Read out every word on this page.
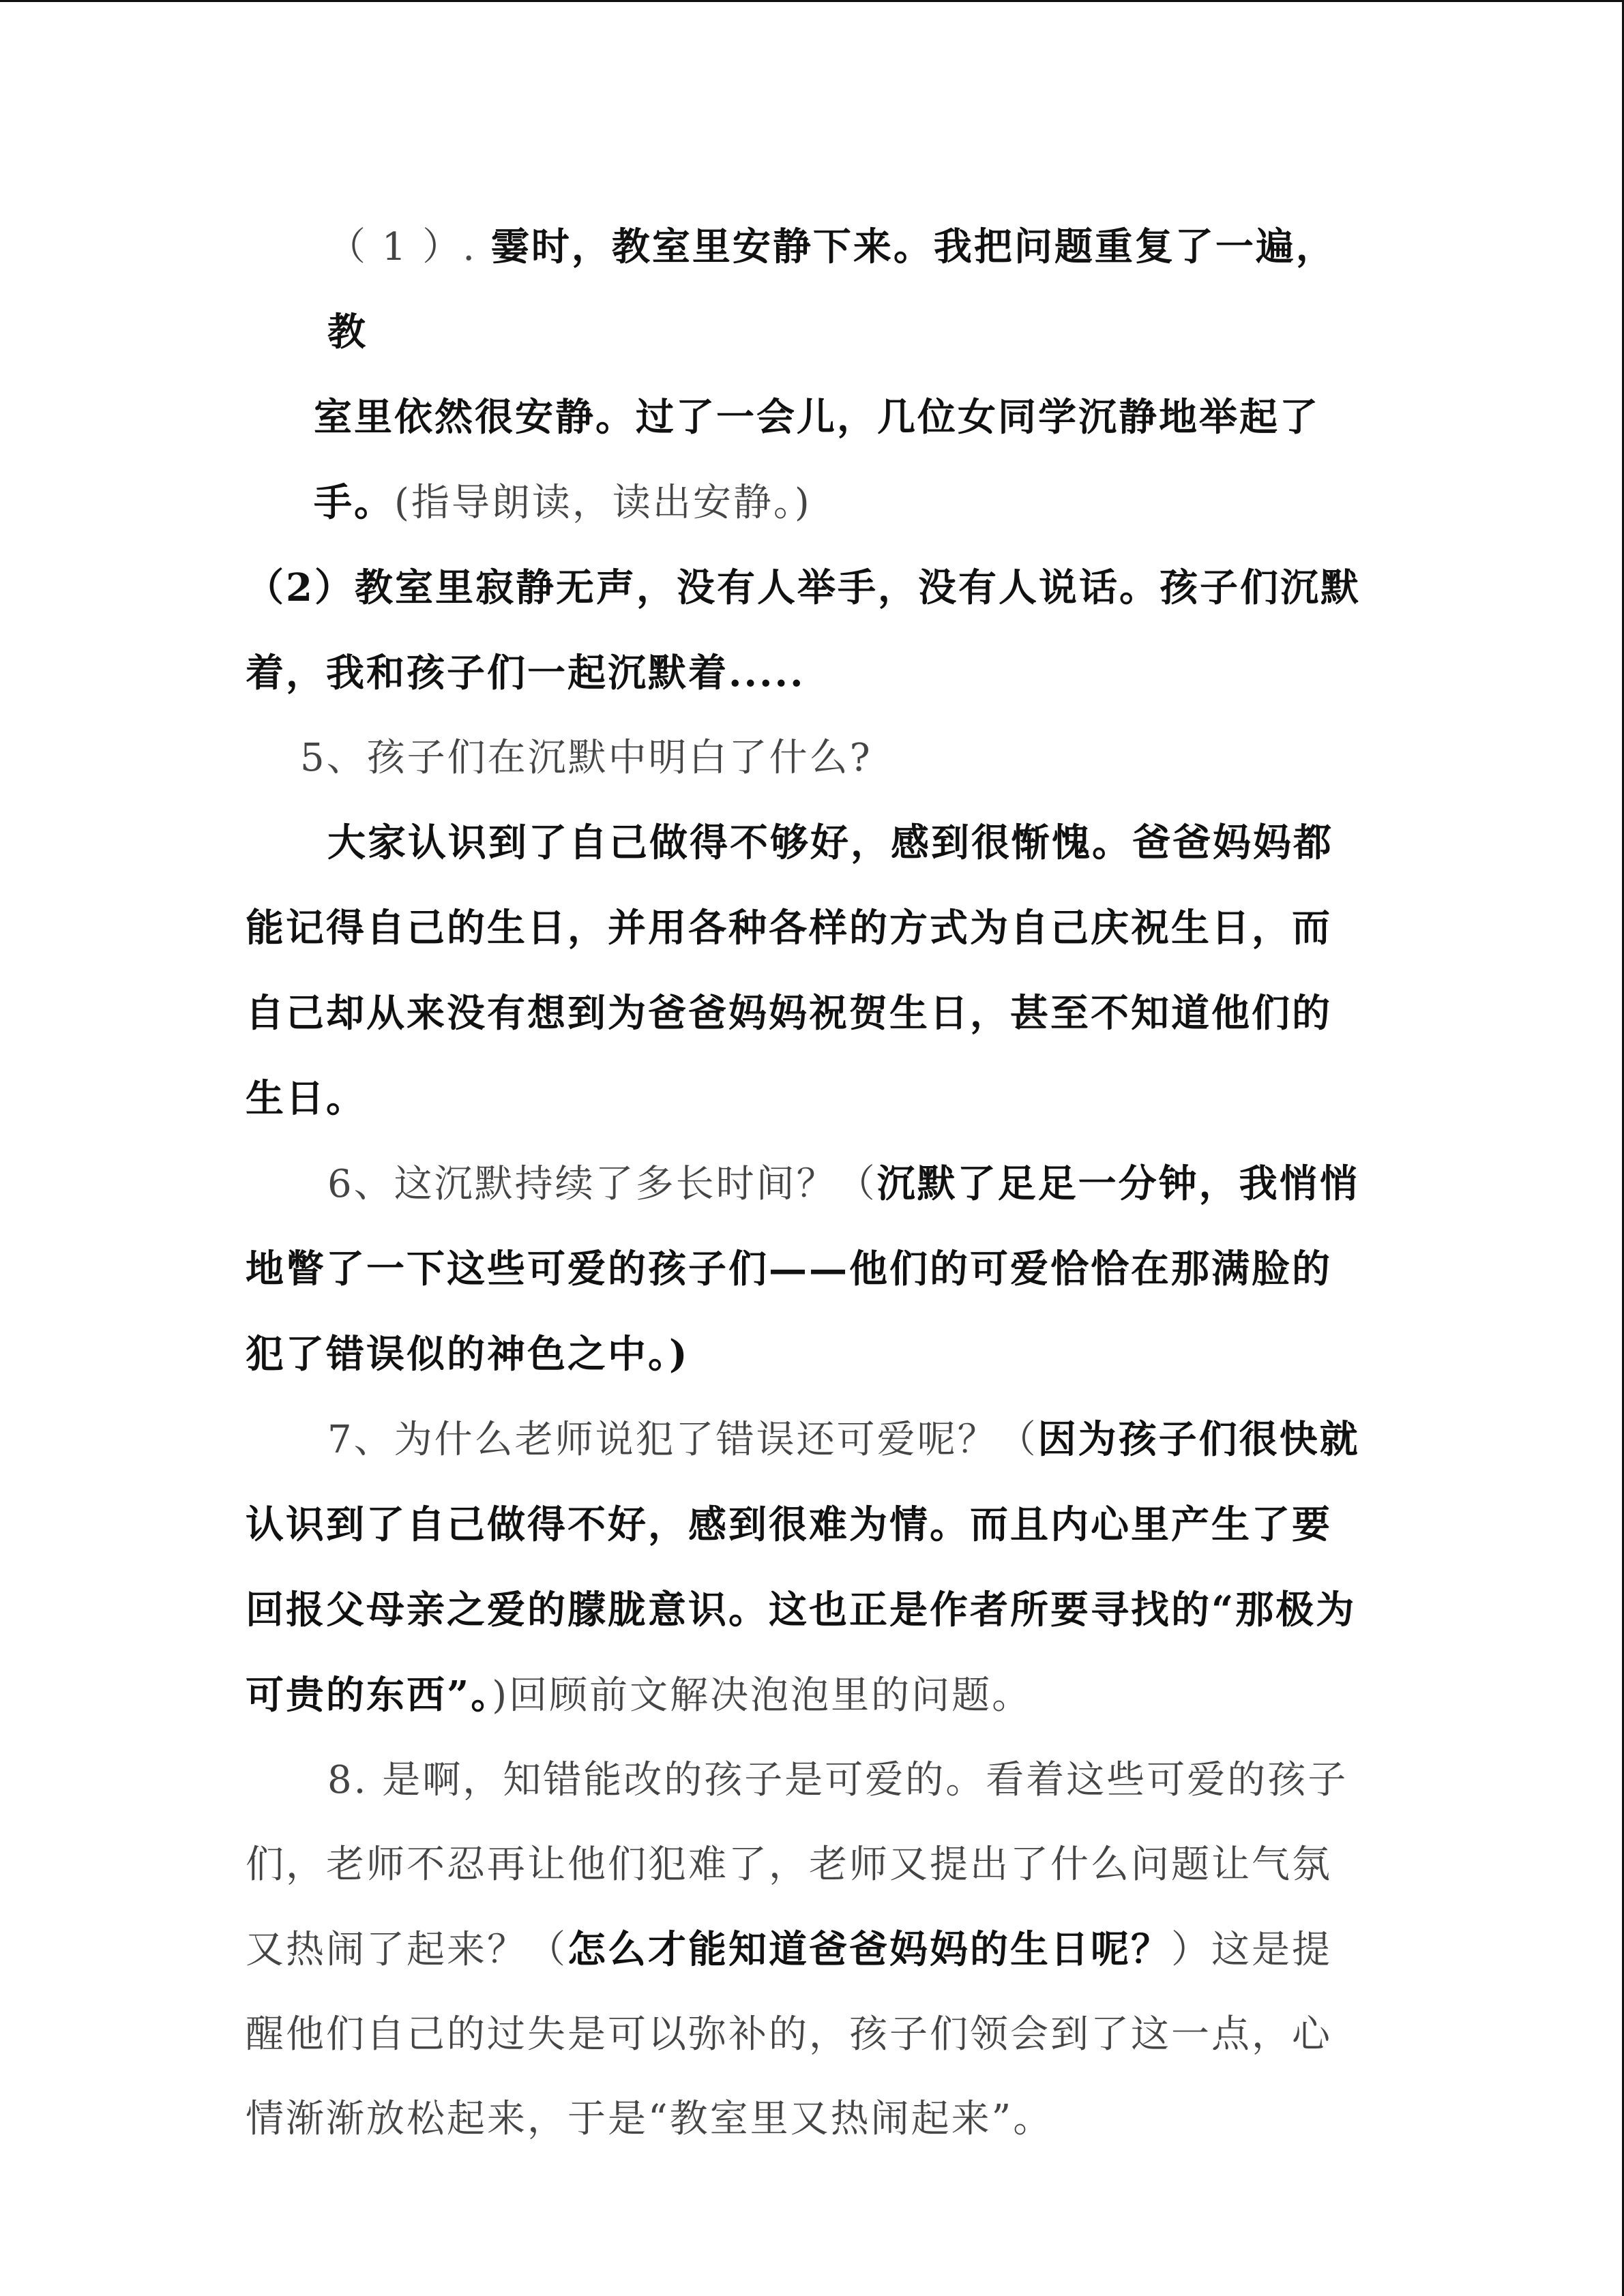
（ 1 ）. 霎时，教室里安静下来。我把问题重复了一遍，教

室里依然很安静。过了一会儿，几位女同学沉静地举起了

手。(指导朗读，读出安静。)

（2）教室里寂静无声，没有人举手，没有人说话。孩子们沉默着，我和孩子们一起沉默着.....

5、孩子们在沉默中明白了什么?

大家认识到了自己做得不够好，感到很惭愧。爸爸妈妈都能记得自己的生日，并用各种各样的方式为自己庆祝生日，而自己却从来没有想到为爸爸妈妈祝贺生日，甚至不知道他们的生日。

6、这沉默持续了多长时间？（沉默了足足一分钟，我悄悄地瞥了一下这些可爱的孩子们——他们的可爱恰恰在那满脸的犯了错误似的神色之中。)

7、为什么老师说犯了错误还可爱呢？（因为孩子们很快就认识到了自己做得不好，感到很难为情。而且内心里产生了要回报父母亲之爱的朦胧意识。这也正是作者所要寻找的“那极为可贵的东西”。)回顾前文解决泡泡里的问题。

8. 是啊，知错能改的孩子是可爱的。看着这些可爱的孩子们，老师不忍再让他们犯难了，老师又提出了什么问题让气氛又热闹了起来？（怎么才能知道爸爸妈妈的生日呢？）这是提醒他们自己的过失是可以弥补的，孩子们领会到了这一点，心情渐渐放松起来，于是“教室里又热闹起来”。
